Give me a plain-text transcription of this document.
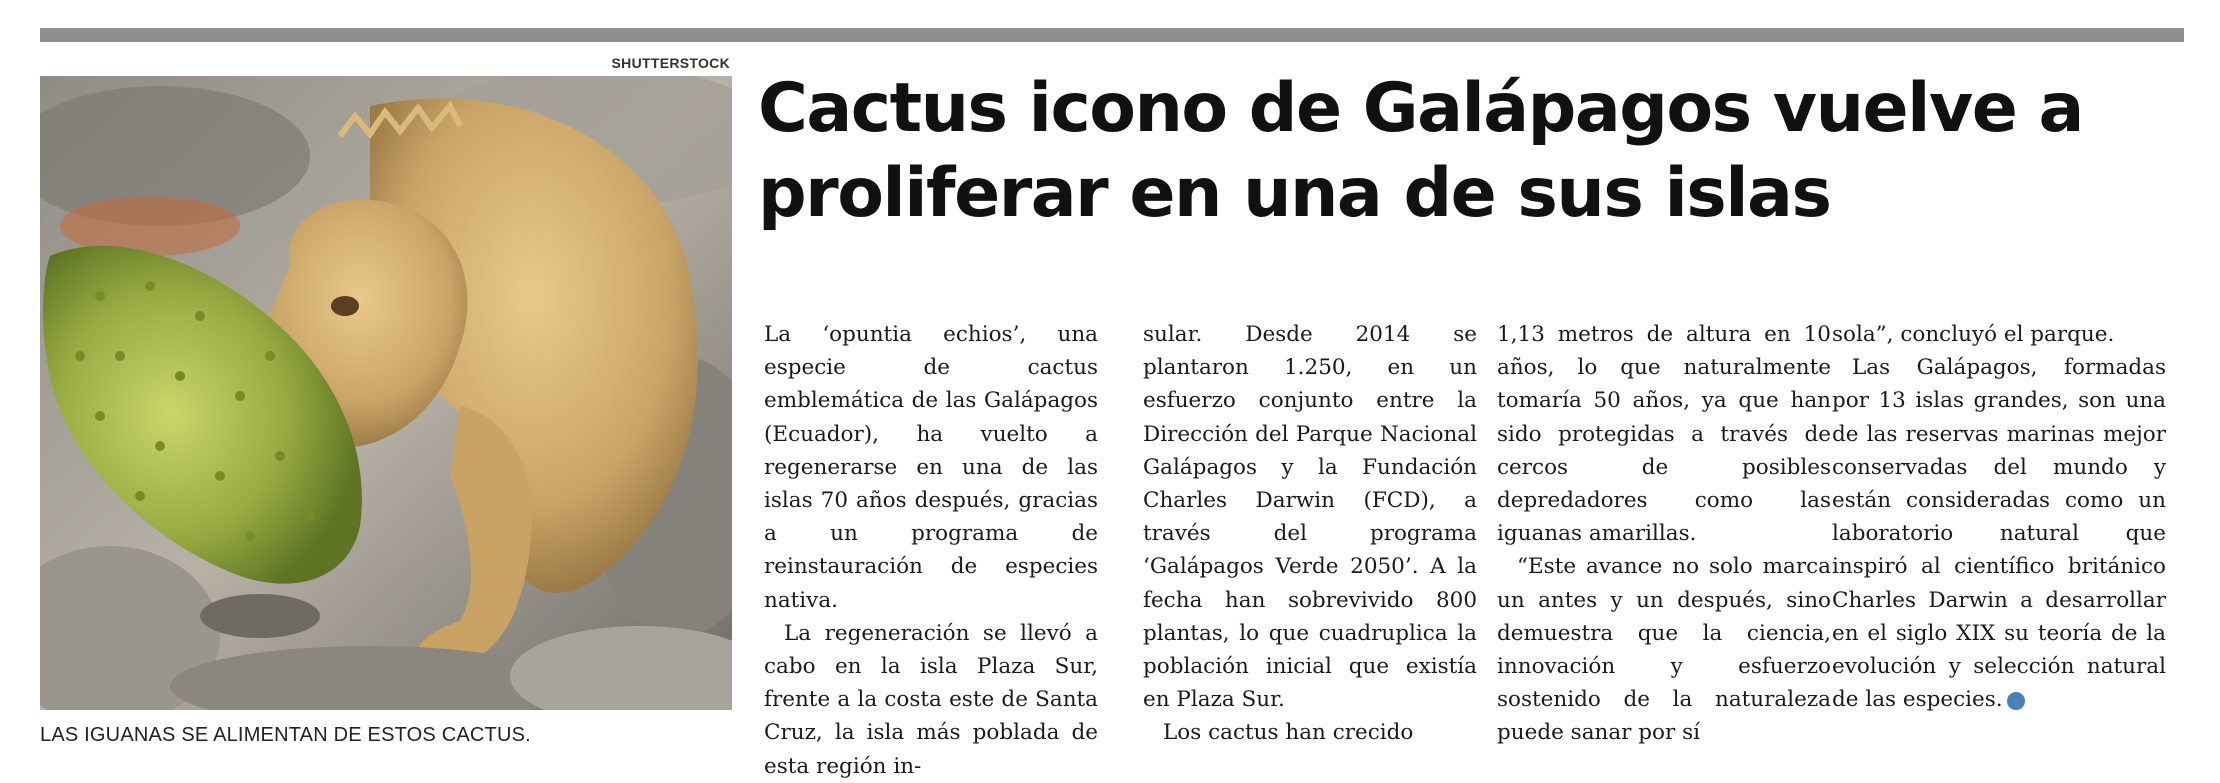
SHUTTERSTOCK
LAS IGUANAS SE ALIMENTAN DE ESTOS CACTUS.
Cactus icono de Galápagos vuelve a proliferar en una de sus islas

La ‘opuntia echios’, una especie de cactus emblemática de las Galápagos (Ecuador), ha vuelto a regenerarse en una de las islas 70 años después, gracias a un programa de reinstauración de especies nativa.

La regeneración se llevó a cabo en la isla Plaza Sur, frente a la costa este de Santa Cruz, la isla más poblada de esta región in-

sular. Desde 2014 se plantaron 1.250, en un esfuerzo conjunto entre la Dirección del Parque Nacional Galápagos y la Fundación Charles Darwin (FCD), a través del programa ‘Galápagos Verde 2050’. A la fecha han sobrevivido 800 plantas, lo que cuadruplica la población inicial que existía en Plaza Sur.

Los cactus han crecido

1,13 metros de altura en 10 años, lo que naturalmente tomaría 50 años, ya que han sido protegidas a través de cercos de posibles depredadores como las iguanas amarillas.

“Este avance no solo marca un antes y un después, sino demuestra que la ciencia, innovación y esfuerzo sostenido de la naturaleza puede sanar por sí

sola”, concluyó el parque.

Las Galápagos, formadas por 13 islas grandes, son una de las reservas marinas mejor conservadas del mundo y están consideradas como un laboratorio natural que inspiró al científico británico Charles Darwin a desarrollar en el siglo XIX su teoría de la evolución y selección natural de las especies. ✪
